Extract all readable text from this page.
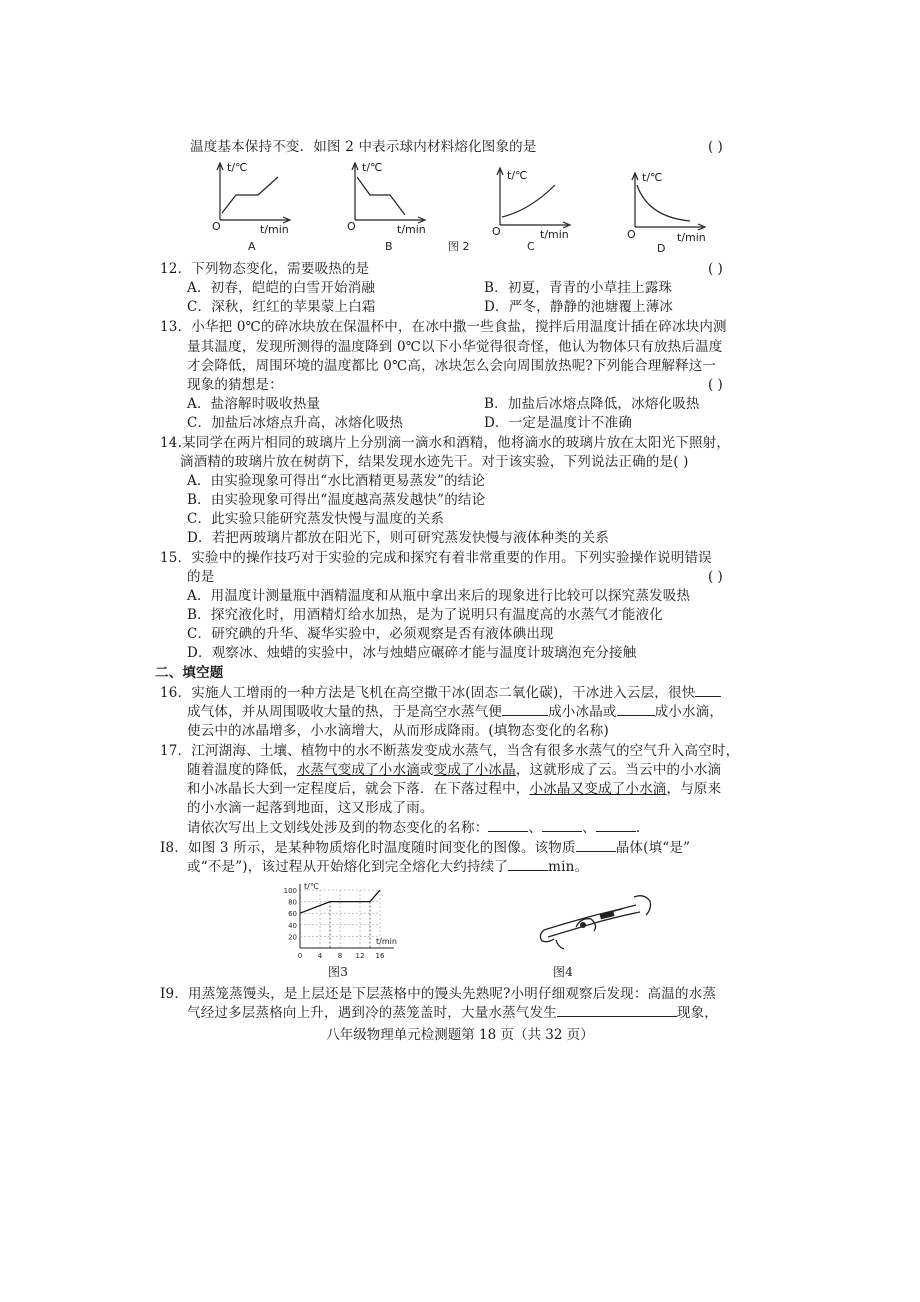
温度基本保持不变．如图 2 中表示球内材料熔化图象的是	( )
t/℃
t/min
O
A
t/℃
t/min
O
B	图 2
t/℃
t/min
O
C
t/℃
t/min
O
D
12．下列物态变化，需要吸热的是	( )
A．初春，皑皑的白雪开始消融	B．初夏，青青的小草挂上露珠
C．深秋，红红的苹果蒙上白霜	D．严冬，静静的池塘覆上薄冰
13．小华把 0℃的碎冰块放在保温杯中，在冰中撒一些食盐，搅拌后用温度计插在碎冰块内测
量其温度，发现所测得的温度降到 0℃以下小华觉得很奇怪，他认为物体只有放热后温度
才会降低，周围环境的温度都比 0℃高，冰块怎么会向周围放热呢?下列能合理解释这一
现象的猜想是：	( )
A．盐溶解时吸收热量	B．加盐后冰熔点降低，冰熔化吸热
C．加盐后冰熔点升高，冰熔化吸热	D．一定是温度计不准确
14.某同学在两片相同的玻璃片上分别滴一滴水和酒精，他将滴水的玻璃片放在太阳光下照射，
滴酒精的玻璃片放在树荫下，结果发现水迹先干。对于该实验，下列说法正确的是( )
A．由实验现象可得出“水比酒精更易蒸发”的结论
B．由实验现象可得出“温度越高蒸发越快”的结论
C．此实验只能研究蒸发快慢与温度的关系
D．若把两玻璃片都放在阳光下，则可研究蒸发快慢与液体种类的关系
15．实验中的操作技巧对于实验的完成和探究有着非常重要的作用。下列实验操作说明错误
的是	( )
A．用温度计测量瓶中酒精温度和从瓶中拿出来后的现象进行比较可以探究蒸发吸热
B．探究液化时，用酒精灯给水加热，是为了说明只有温度高的水蒸气才能液化
C．研究碘的升华、凝华实验中，必须观察是否有液体碘出现
D．观察冰、烛蜡的实验中，冰与烛蜡应碾碎才能与温度计玻璃泡充分接触
二、填空题
16．实施人工增雨的一种方法是飞机在高空撒干冰(固态二氧化碳)，干冰进入云层，很快
成气体，并从周围吸收大量的热，于是高空水蒸气便	成小冰晶或	成小水滴，
使云中的冰晶增多，小水滴增大，从而形成降雨。(填物态变化的名称)
17．江河湖海、土壤、植物中的水不断蒸发变成水蒸气，当含有很多水蒸气的空气升入高空时，
随着温度的降低，水蒸气变成了小水滴或变成了小冰晶，这就形成了云。当云中的小水滴
和小冰晶长大到一定程度后，就会下落．在下落过程中，小冰晶又变成了小水滴，与原来
的小水滴一起落到地面，这又形成了雨。
请依次写出上文划线处涉及到的物态变化的名称：	、	、	.
I8．如图 3 所示，是某种物质熔化时温度随时间变化的图像。该物质	晶体(填“是”
或“不是”)，该过程从开始熔化到完全熔化大约持续了	min。
100
80
60
40
20
0 4 8 12 16
t/℃
t/min
图3	图4
I9．用蒸笼蒸馒头，是上层还是下层蒸格中的馒头先熟呢?小明仔细观察后发现：高温的水蒸
气经过多层蒸格向上升，遇到冷的蒸笼盖时，大量水蒸气发生	现象，
八年级物理单元检测题第 18 页（共 32 页）
